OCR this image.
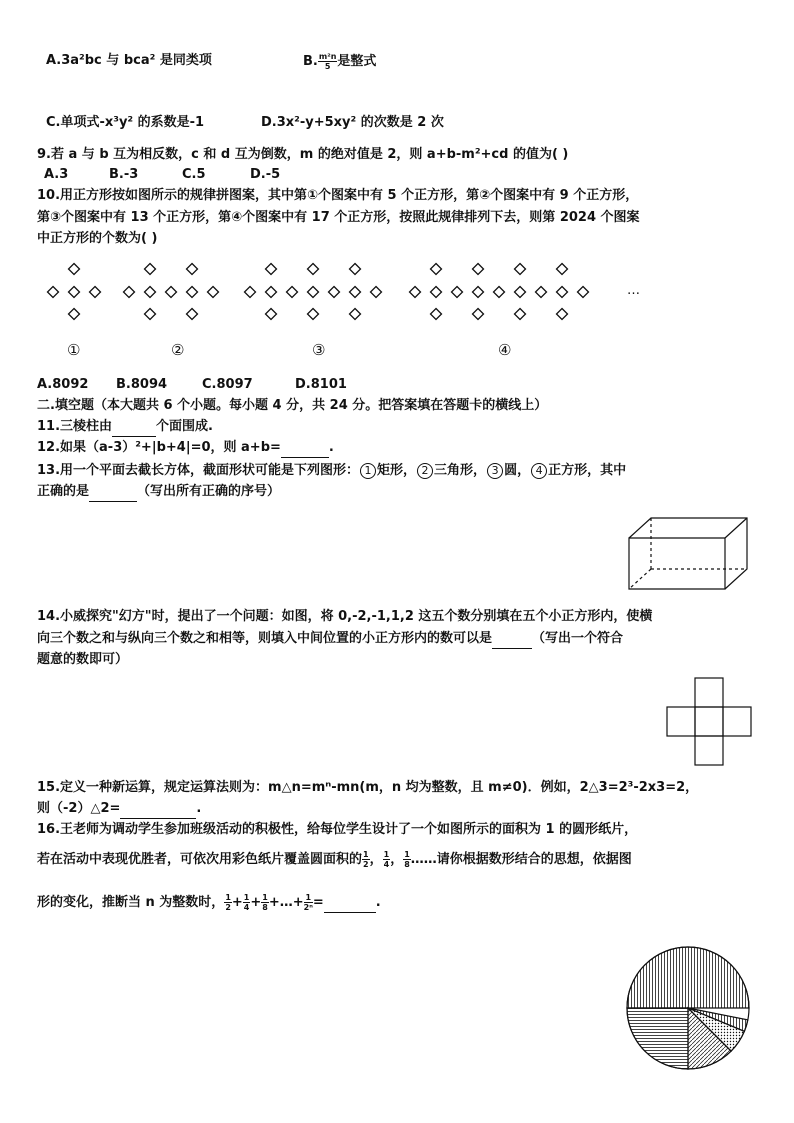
A.3a²bc 与 bca² 是同类项	B. $\frac{\text{m²n}}{5}$ 是整式
C.单项式-x³y² 的系数是-1	D.3x²-y+5xy² 的次数是 2 次
9.若 a 与 b 互为相反数，c 和 d 互为倒数，m 的绝对值是 2，则 a+b-m²+cd 的值为( )
A.3	B.-3	C.5	D.-5
10.用正方形按如图所示的规律拼图案，其中第①个图案中有 5 个正方形，第②个图案中有 9 个正方形，
第③个图案中有 13 个正方形，第④个图案中有 17 个正方形，按照此规律排列下去，则第 2024 个图案
中正方形的个数为( )
…
①	②	③	④
A.8092 B.8094	C.8097	D.8101
二.填空题（本大题共 6 个小题。每小题 4 分，共 24 分。把答案填在答题卡的横线上）
11.三棱柱由	个面围成.
12.如果（a-3）²+|b+4|=0，则 a+b=	.
13.用一个平面去截长方体，截面形状可能是下列图形： 1 矩形， 2 三角形， 3 圆， 4 正方形，其中
正确的是	（写出所有正确的序号）
14.小威探究"幻方"时，提出了一个问题：如图，将 0,-2,-1,1,2 这五个数分别填在五个小正方形内，使横
向三个数之和与纵向三个数之和相等，则填入中间位置的小正方形内的数可以是	（写出一个符合
题意的数即可）
15.定义一种新运算，规定运算法则为：m△n=mⁿ-mn(m，n 均为整数，且 m≠0)．例如，2△3=2³-2x3=2，
则（-2）△2=	.
16.王老师为调动学生参加班级活动的积极性，给每位学生设计了一个如图所示的面积为 1 的圆形纸片，
若在活动中表现优胜者，可依次用彩色纸片覆盖圆面积的 $\frac{1}{2}$ ， $\frac{1}{4}$ ， $\frac{1}{8}$ ……请你根据数形结合的思想，依据图
形的变化，推断当 n 为整数时， $\frac{1}{2} + \frac{1}{4} + \frac{1}{8}$ +…+ $\frac{1}{\text{2ⁿ}}$ =	.
